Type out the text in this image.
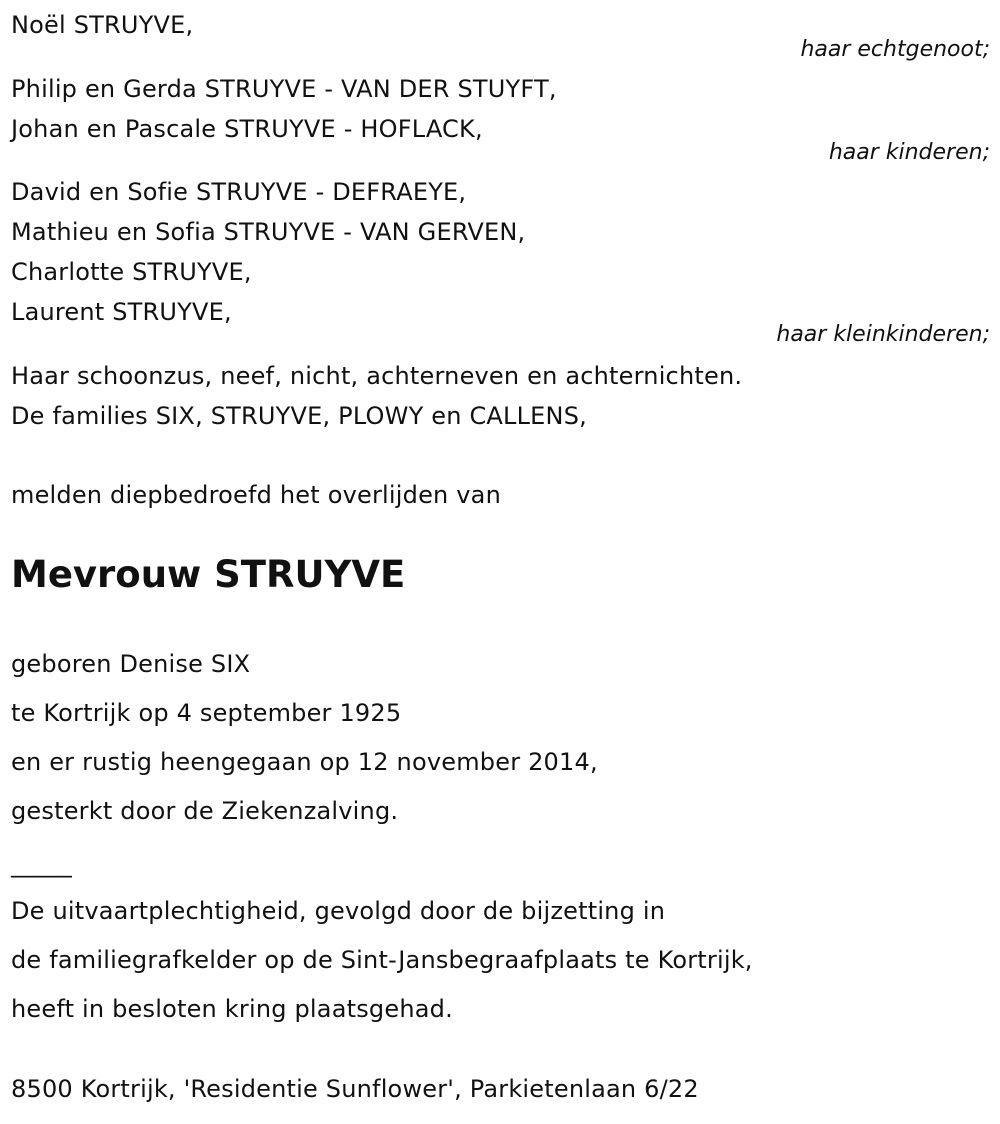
Noël STRUYVE,
haar echtgenoot;
Philip en Gerda STRUYVE - VAN DER STUYFT,
Johan en Pascale STRUYVE - HOFLACK,
haar kinderen;
David en Sofie STRUYVE - DEFRAEYE,
Mathieu en Sofia STRUYVE - VAN GERVEN,
Charlotte STRUYVE,
Laurent STRUYVE,
haar kleinkinderen;
Haar schoonzus, neef, nicht, achterneven en achternichten.
De families SIX, STRUYVE, PLOWY en CALLENS,
melden diepbedroefd het overlijden van
Mevrouw STRUYVE
geboren Denise SIX
te Kortrijk op 4 september 1925
en er rustig heengegaan op 12 november 2014,
gesterkt door de Ziekenzalving.
_____
De uitvaartplechtigheid, gevolgd door de bijzetting in
de familiegrafkelder op de Sint-Jansbegraafplaats te Kortrijk,
heeft in besloten kring plaatsgehad.
8500 Kortrijk, 'Residentie Sunflower', Parkietenlaan 6/22
